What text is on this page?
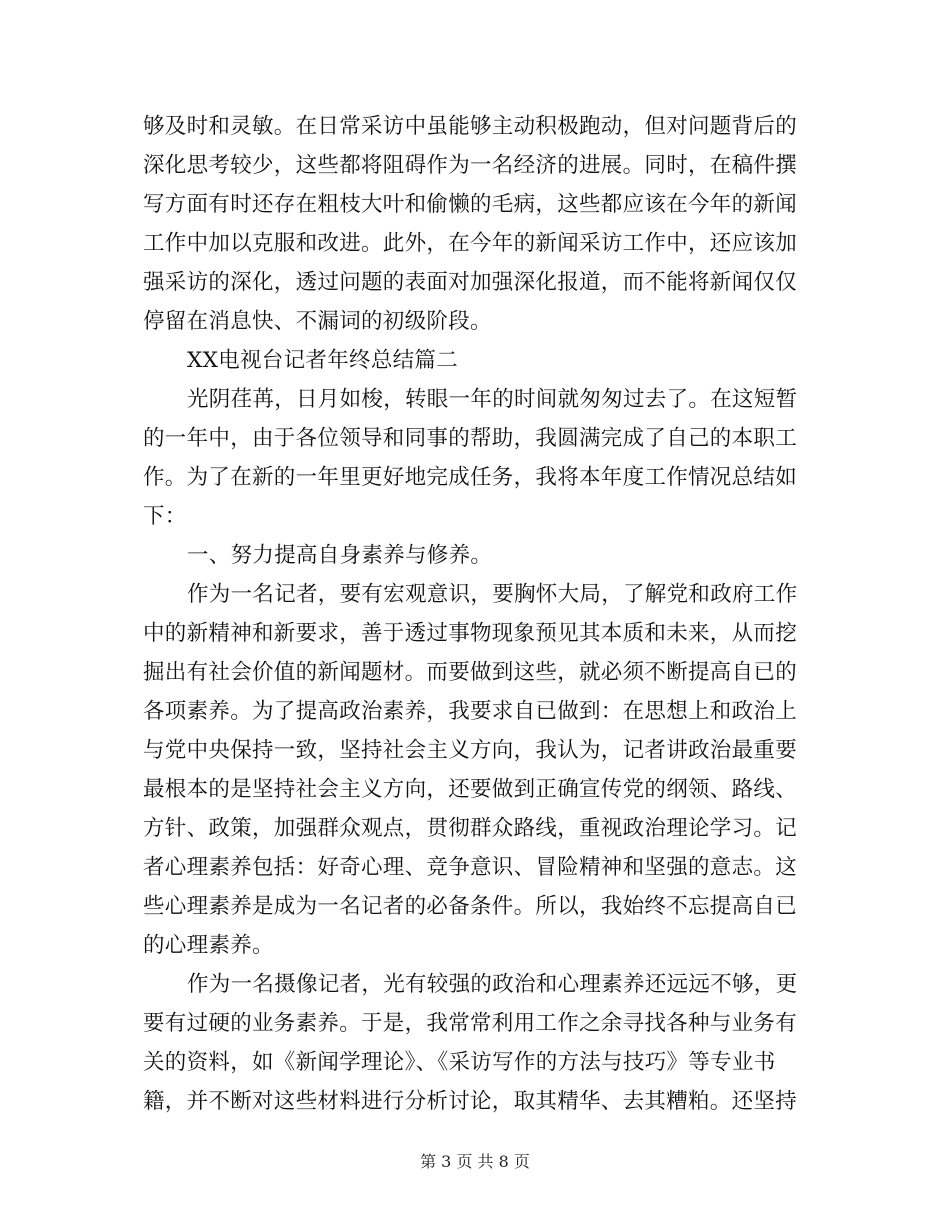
够及时和灵敏。在日常采访中虽能够主动积极跑动，但对问题背后的
深化思考较少，这些都将阻碍作为一名经济的进展。同时，在稿件撰
写方面有时还存在粗枝大叶和偷懒的毛病，这些都应该在今年的新闻
工作中加以克服和改进。此外，在今年的新闻采访工作中，还应该加
强采访的深化，透过问题的表面对加强深化报道，而不能将新闻仅仅
停留在消息快、不漏词的初级阶段。
XX电视台记者年终总结篇二
光阴荏苒，日月如梭，转眼一年的时间就匆匆过去了。在这短暂
的一年中，由于各位领导和同事的帮助，我圆满完成了自己的本职工
作。为了在新的一年里更好地完成任务，我将本年度工作情况总结如
下：
一、努力提高自身素养与修养。
作为一名记者，要有宏观意识，要胸怀大局，了解党和政府工作
中的新精神和新要求，善于透过事物现象预见其本质和未来，从而挖
掘出有社会价值的新闻题材。而要做到这些，就必须不断提高自已的
各项素养。为了提高政治素养，我要求自已做到：在思想上和政治上
与党中央保持一致，坚持社会主义方向，我认为，记者讲政治最重要
最根本的是坚持社会主义方向，还要做到正确宣传党的纲领、路线、
方针、政策，加强群众观点，贯彻群众路线，重视政治理论学习。记
者心理素养包括：好奇心理、竞争意识、冒险精神和坚强的意志。这
些心理素养是成为一名记者的必备条件。所以，我始终不忘提高自已
的心理素养。
作为一名摄像记者，光有较强的政治和心理素养还远远不够，更
要有过硬的业务素养。于是，我常常利用工作之余寻找各种与业务有
关的资料，如《新闻学理论》、《采访写作的方法与技巧》等专业书
籍，并不断对这些材料进行分析讨论，取其精华、去其糟粕。还坚持
第 3 页 共 8 页
